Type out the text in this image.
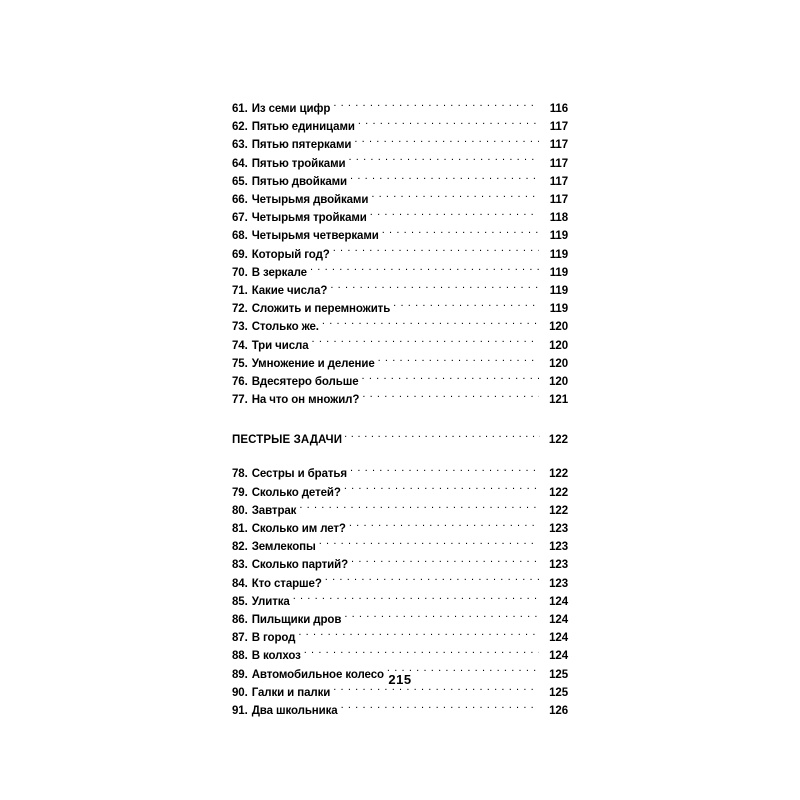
61. Из семи цифр . . .	116
62. Пятью единицами . . .	117
63. Пятью пятерками . . .	117
64. Пятью тройками . . .	117
65. Пятью двойками . . .	117
66. Четырьмя двойками . . .	117
67. Четырьмя тройками . . .	118
68. Четырьмя четверками . . .	119
69. Который год? . . .	119
70. В зеркале . . .	119
71. Какие числа? . . .	119
72. Сложить и перемножить . . .	119
73. Столько же. . . .	120
74. Три числа . . .	120
75. Умножение и деление . . .	120
76. Вдесятеро больше . . .	120
77. На что он множил? . . .	121
ПЕСТРЫЕ ЗАДАЧИ . . .	122
78. Сестры и братья . . .	122
79. Сколько детей? . . .	122
80. Завтрак . . .	122
81. Сколько им лет? . . .	123
82. Землекопы . . .	123
83. Сколько партий? . . .	123
84. Кто старше? . . .	123
85. Улитка . . .	124
86. Пильщики дров . . .	124
87. В город . . .	124
88. В колхоз . . .	124
89. Автомобильное колесо . . .	125
90. Галки и палки . . .	125
91. Два школьника . . .	126
215
